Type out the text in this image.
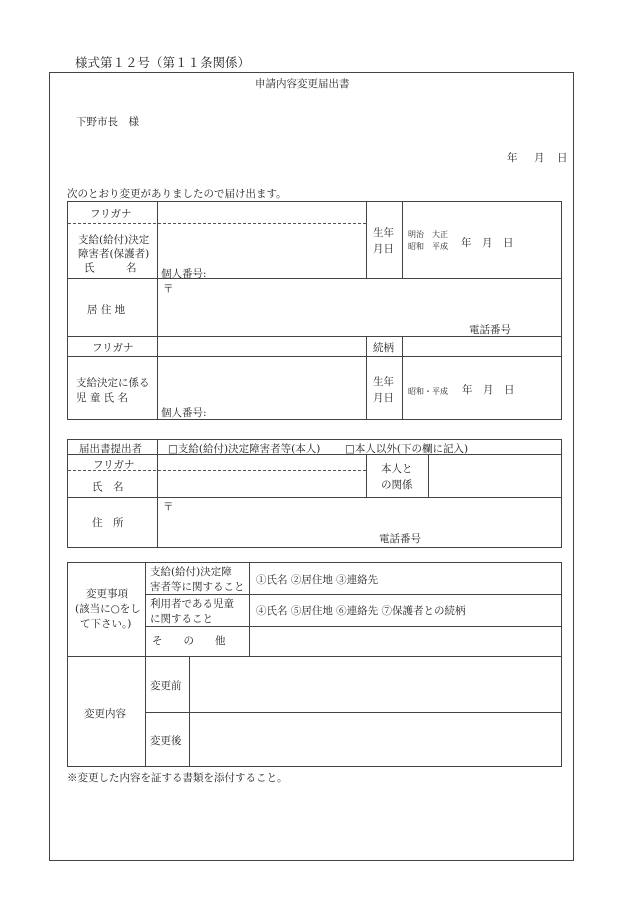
様式第１２号（第１１条関係）
申請内容変更届出書
下野市長　様
年 月 日
次のとおり変更がありましたので届け出ます。
フリガナ
支給(給付)決定
障害者(保護者)
氏　　　名 個人番号:
生年
月日
明治　大正
昭和　平成 年　月　日
居 住 地
〒
電話番号
フリガナ	続柄
支給決定に係る
児 童 氏 名
個人番号:
生年
月日
昭和・平成 年　月　日
届出書提出者 □支給(給付)決定障害者等(本人) □本人以外(下の欄に記入)
フリガナ
氏　名
本人と
の関係
住　所
〒
電話番号
変更事項
(該当に○をし
て下さい。)
支給(給付)決定障
害者等に関すること
①氏名 ②居住地 ③連絡先
利用者である児童
に関すること
④氏名 ⑤居住地 ⑥連絡先 ⑦保護者との続柄
そ　　の　　他
変更内容
変更前
変更後
※変更した内容を証する書類を添付すること。
